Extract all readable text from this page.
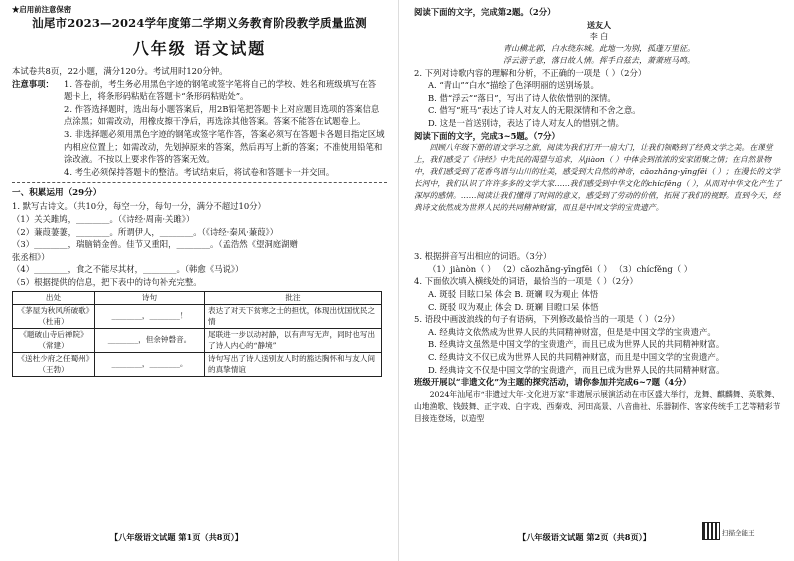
★启用前注意保密
汕尾市2023—2024学年度第二学期义务教育阶段教学质量监测
八年级 语文试题
本试卷共8页，22小题，满分120分。考试用时120分钟。
注意事项： 1. 答卷前，考生务必用黑色字迹的钢笔或签字笔将自己的学校、姓名和班级填写在答题卡上，将条形码粘贴在答题卡“条形码粘贴处”。
2. 作答选择题时，选出每小题答案后，用2B铅笔把答题卡上对应题目选项的答案信息点涂黑；如需改动，用橡皮擦干净后，再选涂其他答案。答案不能答在试题卷上。
3. 非选择题必须用黑色字迹的钢笔或签字笔作答，答案必须写在答题卡各题目指定区域内相应位置上；如需改动，先划掉原来的答案，然后再写上新的答案；不准使用铅笔和涂改液。不按以上要求作答的答案无效。
4. 考生必须保持答题卡的整洁。考试结束后，将试卷和答题卡一并交回。
一、积累运用（29分）
1. 默写古诗文。（共10分，每空一分，每句一分，满分不超过10分）
（1）关关雎鸠，________。（《诗经·周南·关雎》）
（2）蒹葭萋萋，________。所谓伊人，________。（《诗经·秦风·蒹葭》）
（3）________，瑞脑销金兽。佳节又重阳，________。（孟浩然《望洞庭湖赠
张丞相》）
（4）________，食之不能尽其材，________。（韩愈《马说》）
（5）根据提供的信息，把下表中的诗句补充完整。
出处	诗句	批注
《茅屋为秋风所破歌》（杜甫）	________，________！	表达了对天下贫寒之士的担忧，体现出忧国忧民之情
《题破山寺后禅院》（常建）	________，但余钟磬音。	尾联进一步以动衬静，以有声写无声，同时也写出了诗人内心的“静境”
《送杜少府之任蜀州》（王勃）	________，________。	诗句写出了诗人送别友人时的豁达胸怀和与友人间的真挚情谊
【八年级语文试题 第1页（共8页）】
阅读下面的文字，完成第2题。（2分）
送友人
李 白
青山横北郭，白水绕东城。此地一为别，孤蓬万里征。
浮云游子意，落日故人情。挥手自兹去，萧萧班马鸣。
2. 下列对诗歌内容的理解和分析，不正确的一项是（ ）（2分）
A. “青山”“白水”描绘了色泽明丽的送别场景。
B. 借“浮云”“落日”，写出了诗人依依惜别的深情。
C. 借写“班马”表达了诗人对友人的无限深情和不舍之意。
D. 这是一首送别诗，表达了诗人对友人的惜别之情。
阅读下面的文字，完成3~5题。（7分）
回顾八年级下册的语文学习之旅，阅读为我们打开一扇大门，让我们领略到了经典文学之美。在课堂上，我们感受了《诗经》中先民的渴望与追求，从jiàon（ ）中体会到浓浓的安家团聚之情；在自然景物中，我们感受到了花香鸟语与山川的壮美，感受到大自然的神奇，cǎozhǎng-yīngfēi（ ）；在漫长的文学长河中，我们认识了许许多多的文学大家……我们感受到中华文化的chícfěng（ ），从而对中华文化产生了深厚的感情。……阅读让我们懂得了时间的意义，感受到了劳动的价值，拓展了我们的视野。直到今天，经典诗文依然成为世界人民的共同精神财富，而且是中国文学的宝贵遗产。
3. 根据拼音写出相应的词语。（3分）
（1）jiànòn（ ） （2）cǎozhǎng-yīngfēi（ ） （3）chícfěng（ ）
4. 下面依次填入横线处的词语，最恰当的一项是（ ）（2分）
A. 斑驳 目眩口呆 体会 B. 斑斓 叹为观止 体悟
C. 斑驳 叹为观止 体会 D. 斑斓 目瞪口呆 体悟
5. 语段中画波浪线的句子有语病，下列修改最恰当的一项是（ ）（2分）
A. 经典诗文依然成为世界人民的共同精神财富，但是是中国文学的宝贵遗产。
B. 经典诗文虽然是中国文学的宝贵遗产，而且已成为世界人民的共同精神财富。
C. 经典诗文不仅已成为世界人民的共同精神财富，而且是中国文学的宝贵遗产。
D. 经典诗文不仅是中国文学的宝贵遗产，而且已成为世界人民的共同精神财富。
班级开展以“非遗文化”为主题的探究活动，请你参加并完成6~7题（4分）
2024年汕尾市“非遗过大年·文化进万家”非遗展示展演活动在市区盛大举行，龙舞、麒麟舞、英歌舞、山地渔歌、钱鼓舞、正字戏、白字戏、西秦戏、河田高景、八音曲社、乐器制作、客家传统手工艺等精彩节目接连登场，以造型
【八年级语文试题 第2页（共8页）】	扫描全能王
